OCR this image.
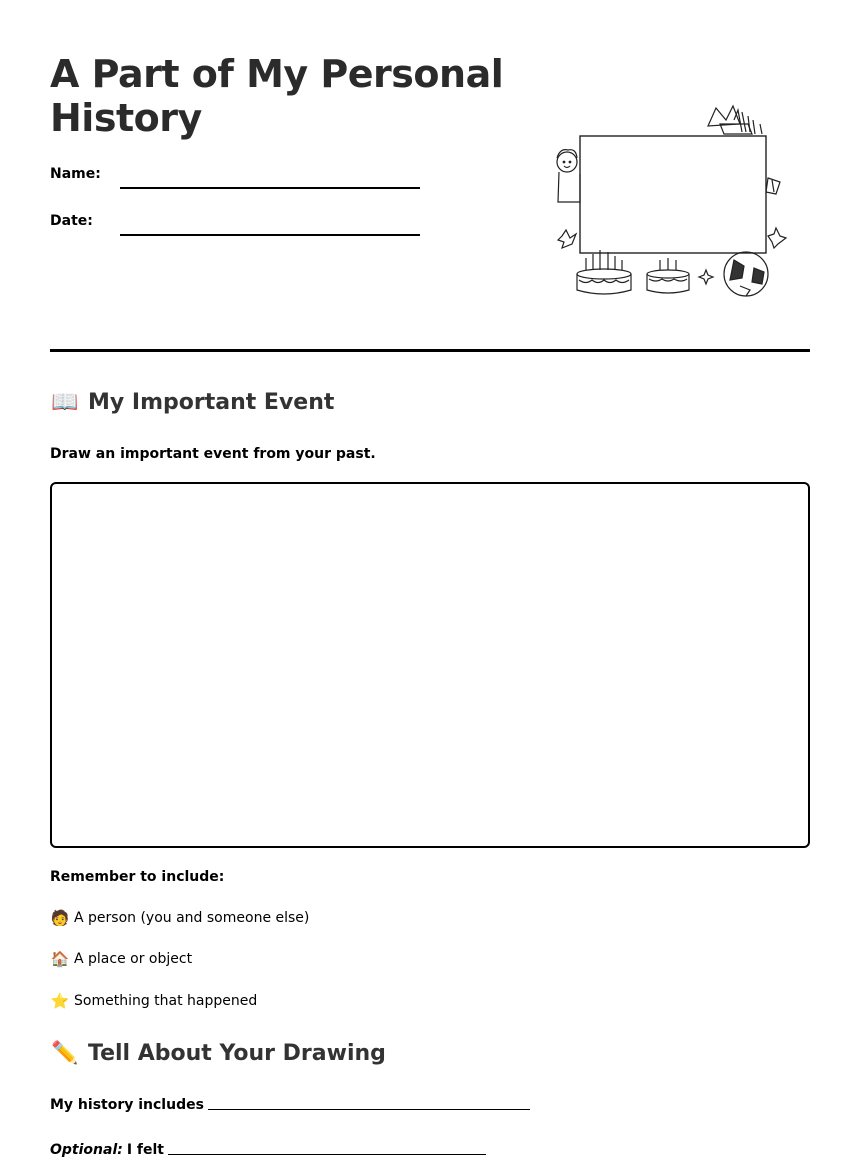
A Part of My Personal History
Name:
Date:
📖 My Important Event
Draw an important event from your past.
Remember to include:
🧑 A person (you and someone else)
🏠 A place or object
⭐ Something that happened
✏️ Tell About Your Drawing
My history includes
Optional: I felt
